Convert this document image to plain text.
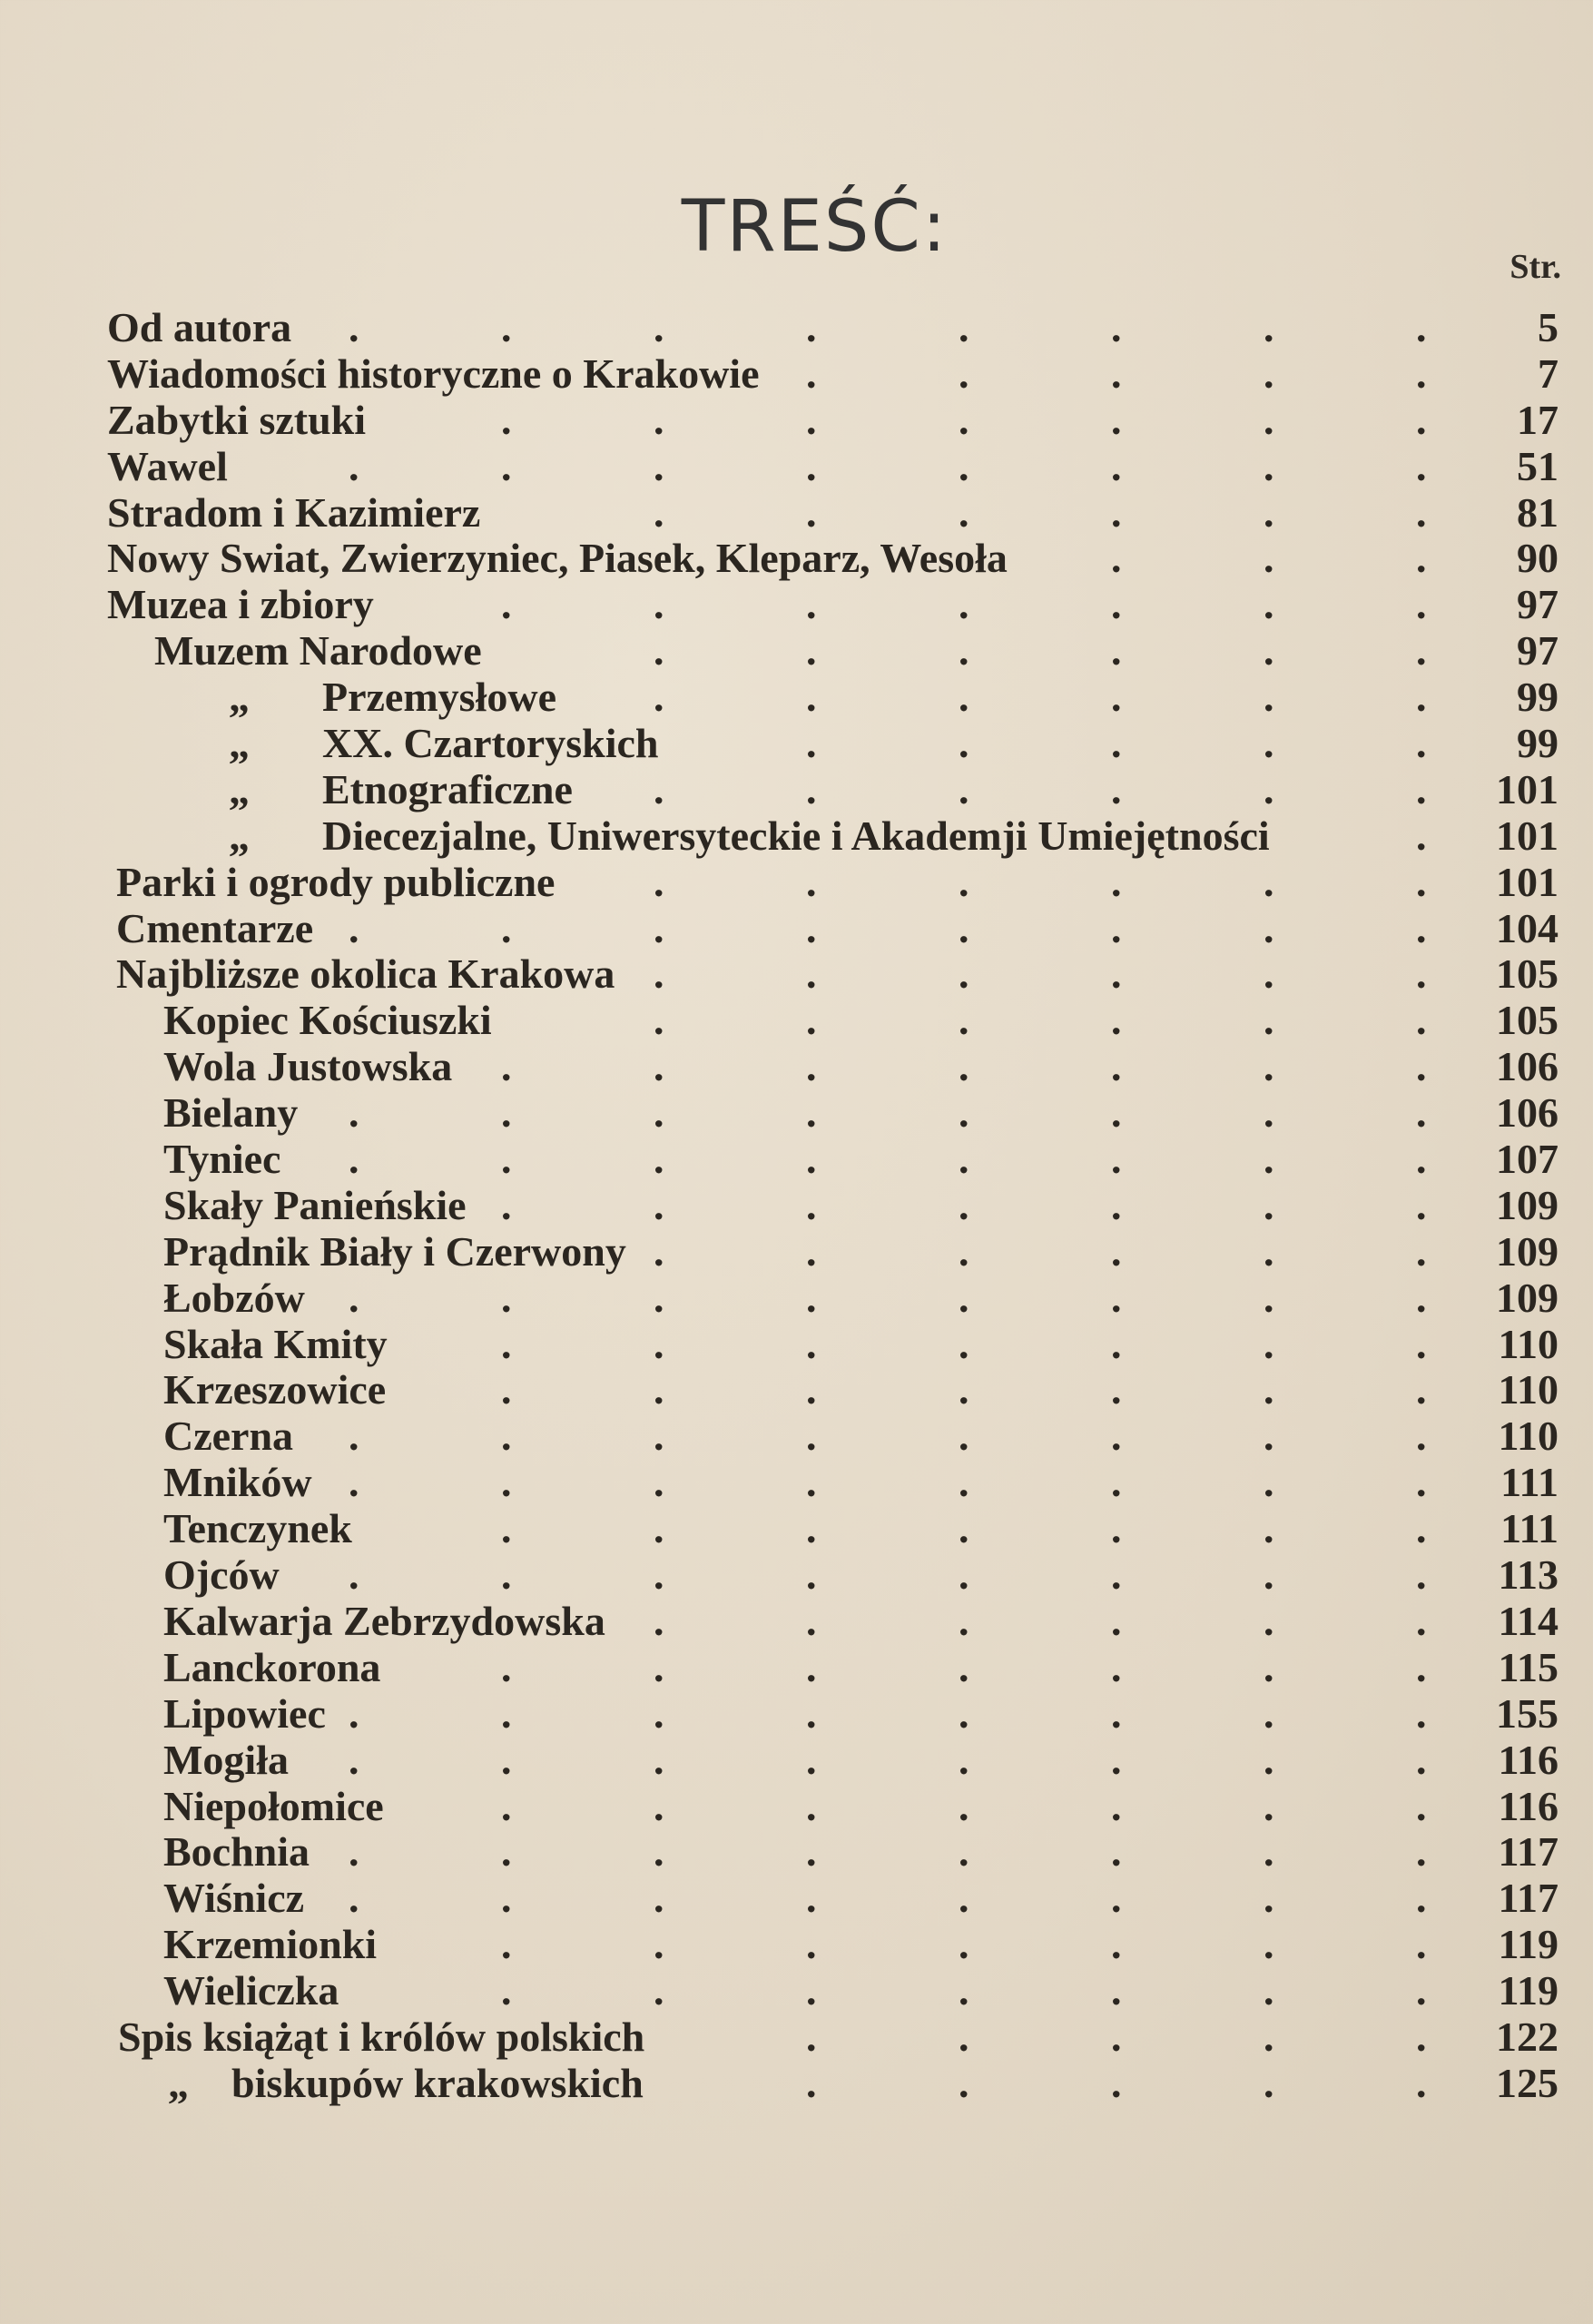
TREŚĆ:	Str.
Od autora	5
.
.
.
.
.
.
.
.
Wiadomości historyczne o Krakowie	7
.
.
.
.
.
Zabytki sztuki	17
.
.
.
.
.
.
.
Wawel	51
.
.
.
.
.
.
.
.
Stradom i Kazimierz	81
.
.
.
.
.
.
Nowy Swiat, Zwierzyniec, Piasek, Kleparz, Wesoła	90
.
.
.
Muzea i zbiory	97
.
.
.
.
.
.
.
Muzem Narodowe	97
.
.
.
.
.
.
„ Przemysłowe	99
.
.
.
.
.
.
„ XX. Czartoryskich	99
.
.
.
.
.
„ Etnograficzne	101
.
.
.
.
.
.
„ Diecezjalne, Uniwersyteckie i Akademji Umiejętności	101
.
Parki i ogrody publiczne	101
.
.
.
.
.
.
Cmentarze	104
.
.
.
.
.
.
.
.
Najbliższe okolica Krakowa	105
.
.
.
.
.
.
Kopiec Kościuszki	105
.
.
.
.
.
.
Wola Justowska	106
.
.
.
.
.
.
.
Bielany	106
.
.
.
.
.
.
.
.
Tyniec	107
.
.
.
.
.
.
.
.
Skały Panieńskie	109
.
.
.
.
.
.
.
Prądnik Biały i Czerwony	109
.
.
.
.
.
.
Łobzów	109
.
.
.
.
.
.
.
.
Skała Kmity	110
.
.
.
.
.
.
.
Krzeszowice	110
.
.
.
.
.
.
.
Czerna	110
.
.
.
.
.
.
.
.
Mników	111
.
.
.
.
.
.
.
.
Tenczynek	111
.
.
.
.
.
.
.
Ojców	113
.
.
.
.
.
.
.
.
Kalwarja Zebrzydowska	114
.
.
.
.
.
.
Lanckorona	115
.
.
.
.
.
.
.
Lipowiec	155
.
.
.
.
.
.
.
.
Mogiła	116
.
.
.
.
.
.
.
.
Niepołomice	116
.
.
.
.
.
.
.
Bochnia	117
.
.
.
.
.
.
.
.
Wiśnicz	117
.
.
.
.
.
.
.
.
Krzemionki	119
.
.
.
.
.
.
.
Wieliczka	119
.
.
.
.
.
.
.
Spis książąt i królów polskich	122
.
.
.
.
.
„ biskupów krakowskich	125
.
.
.
.
.
